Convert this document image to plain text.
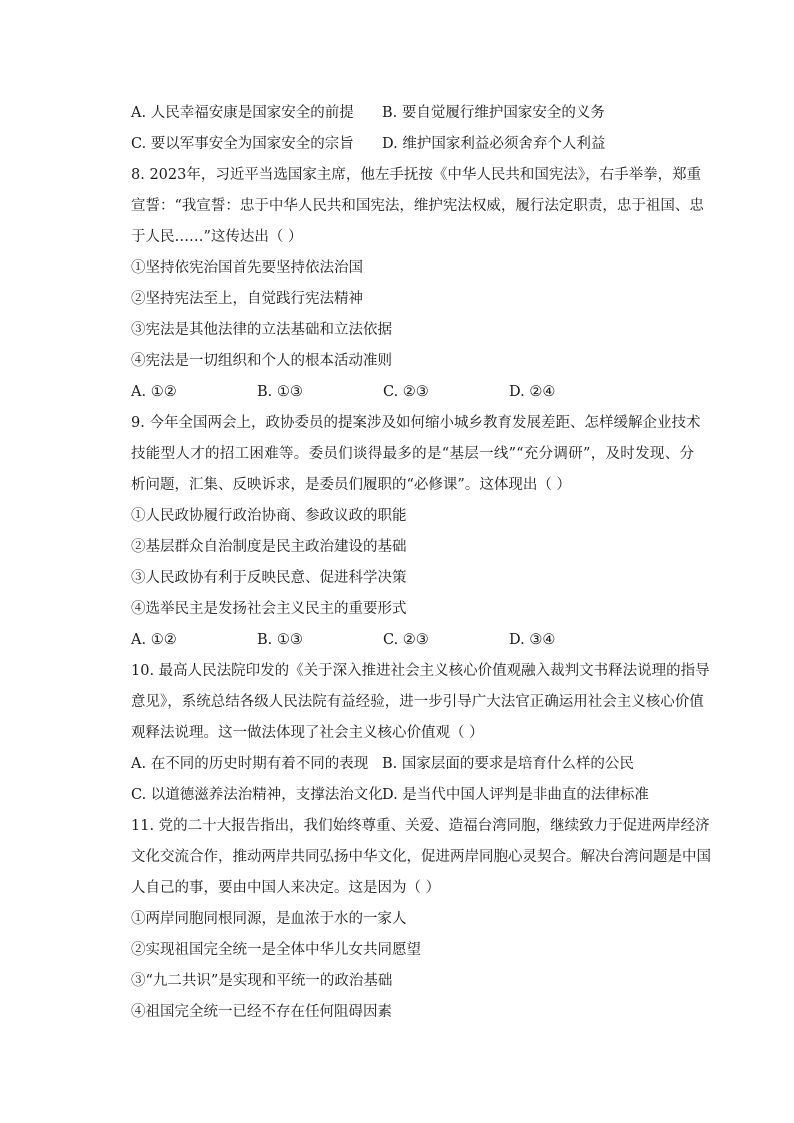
A. 人民幸福安康是国家安全的前提	B. 要自觉履行维护国家安全的义务
C. 要以军事安全为国家安全的宗旨	D. 维护国家利益必须舍弃个人利益
8. 2023年，习近平当选国家主席，他左手抚按《中华人民共和国宪法》，右手举拳，郑重
宣誓：“我宣誓：忠于中华人民共和国宪法，维护宪法权威，履行法定职责，忠于祖国、忠
于人民……”这传达出（ ）
①坚持依宪治国首先要坚持依法治国
②坚持宪法至上，自觉践行宪法精神
③宪法是其他法律的立法基础和立法依据
④宪法是一切组织和个人的根本活动准则
A. ①②	B. ①③	C. ②③	D. ②④
9. 今年全国两会上，政协委员的提案涉及如何缩小城乡教育发展差距、怎样缓解企业技术
技能型人才的招工困难等。委员们谈得最多的是“基层一线”“充分调研”，及时发现、分
析问题，汇集、反映诉求，是委员们履职的“必修课”。这体现出（ ）
①人民政协履行政治协商、参政议政的职能
②基层群众自治制度是民主政治建设的基础
③人民政协有利于反映民意、促进科学决策
④选举民主是发扬社会主义民主的重要形式
A. ①②	B. ①③	C. ②③	D. ③④
10. 最高人民法院印发的《关于深入推进社会主义核心价值观融入裁判文书释法说理的指导
意见》，系统总结各级人民法院有益经验，进一步引导广大法官正确运用社会主义核心价值
观释法说理。这一做法体现了社会主义核心价值观（ ）
A. 在不同的历史时期有着不同的表现 B. 国家层面的要求是培育什么样的公民
C. 以道德滋养法治精神，支撑法治文化 D. 是当代中国人评判是非曲直的法律标准
11. 党的二十大报告指出，我们始终尊重、关爱、造福台湾同胞，继续致力于促进两岸经济
文化交流合作，推动两岸共同弘扬中华文化，促进两岸同胞心灵契合。解决台湾问题是中国
人自己的事，要由中国人来决定。这是因为（ ）
①两岸同胞同根同源，是血浓于水的一家人
②实现祖国完全统一是全体中华儿女共同愿望
③“九二共识”是实现和平统一的政治基础
④祖国完全统一已经不存在任何阻碍因素
